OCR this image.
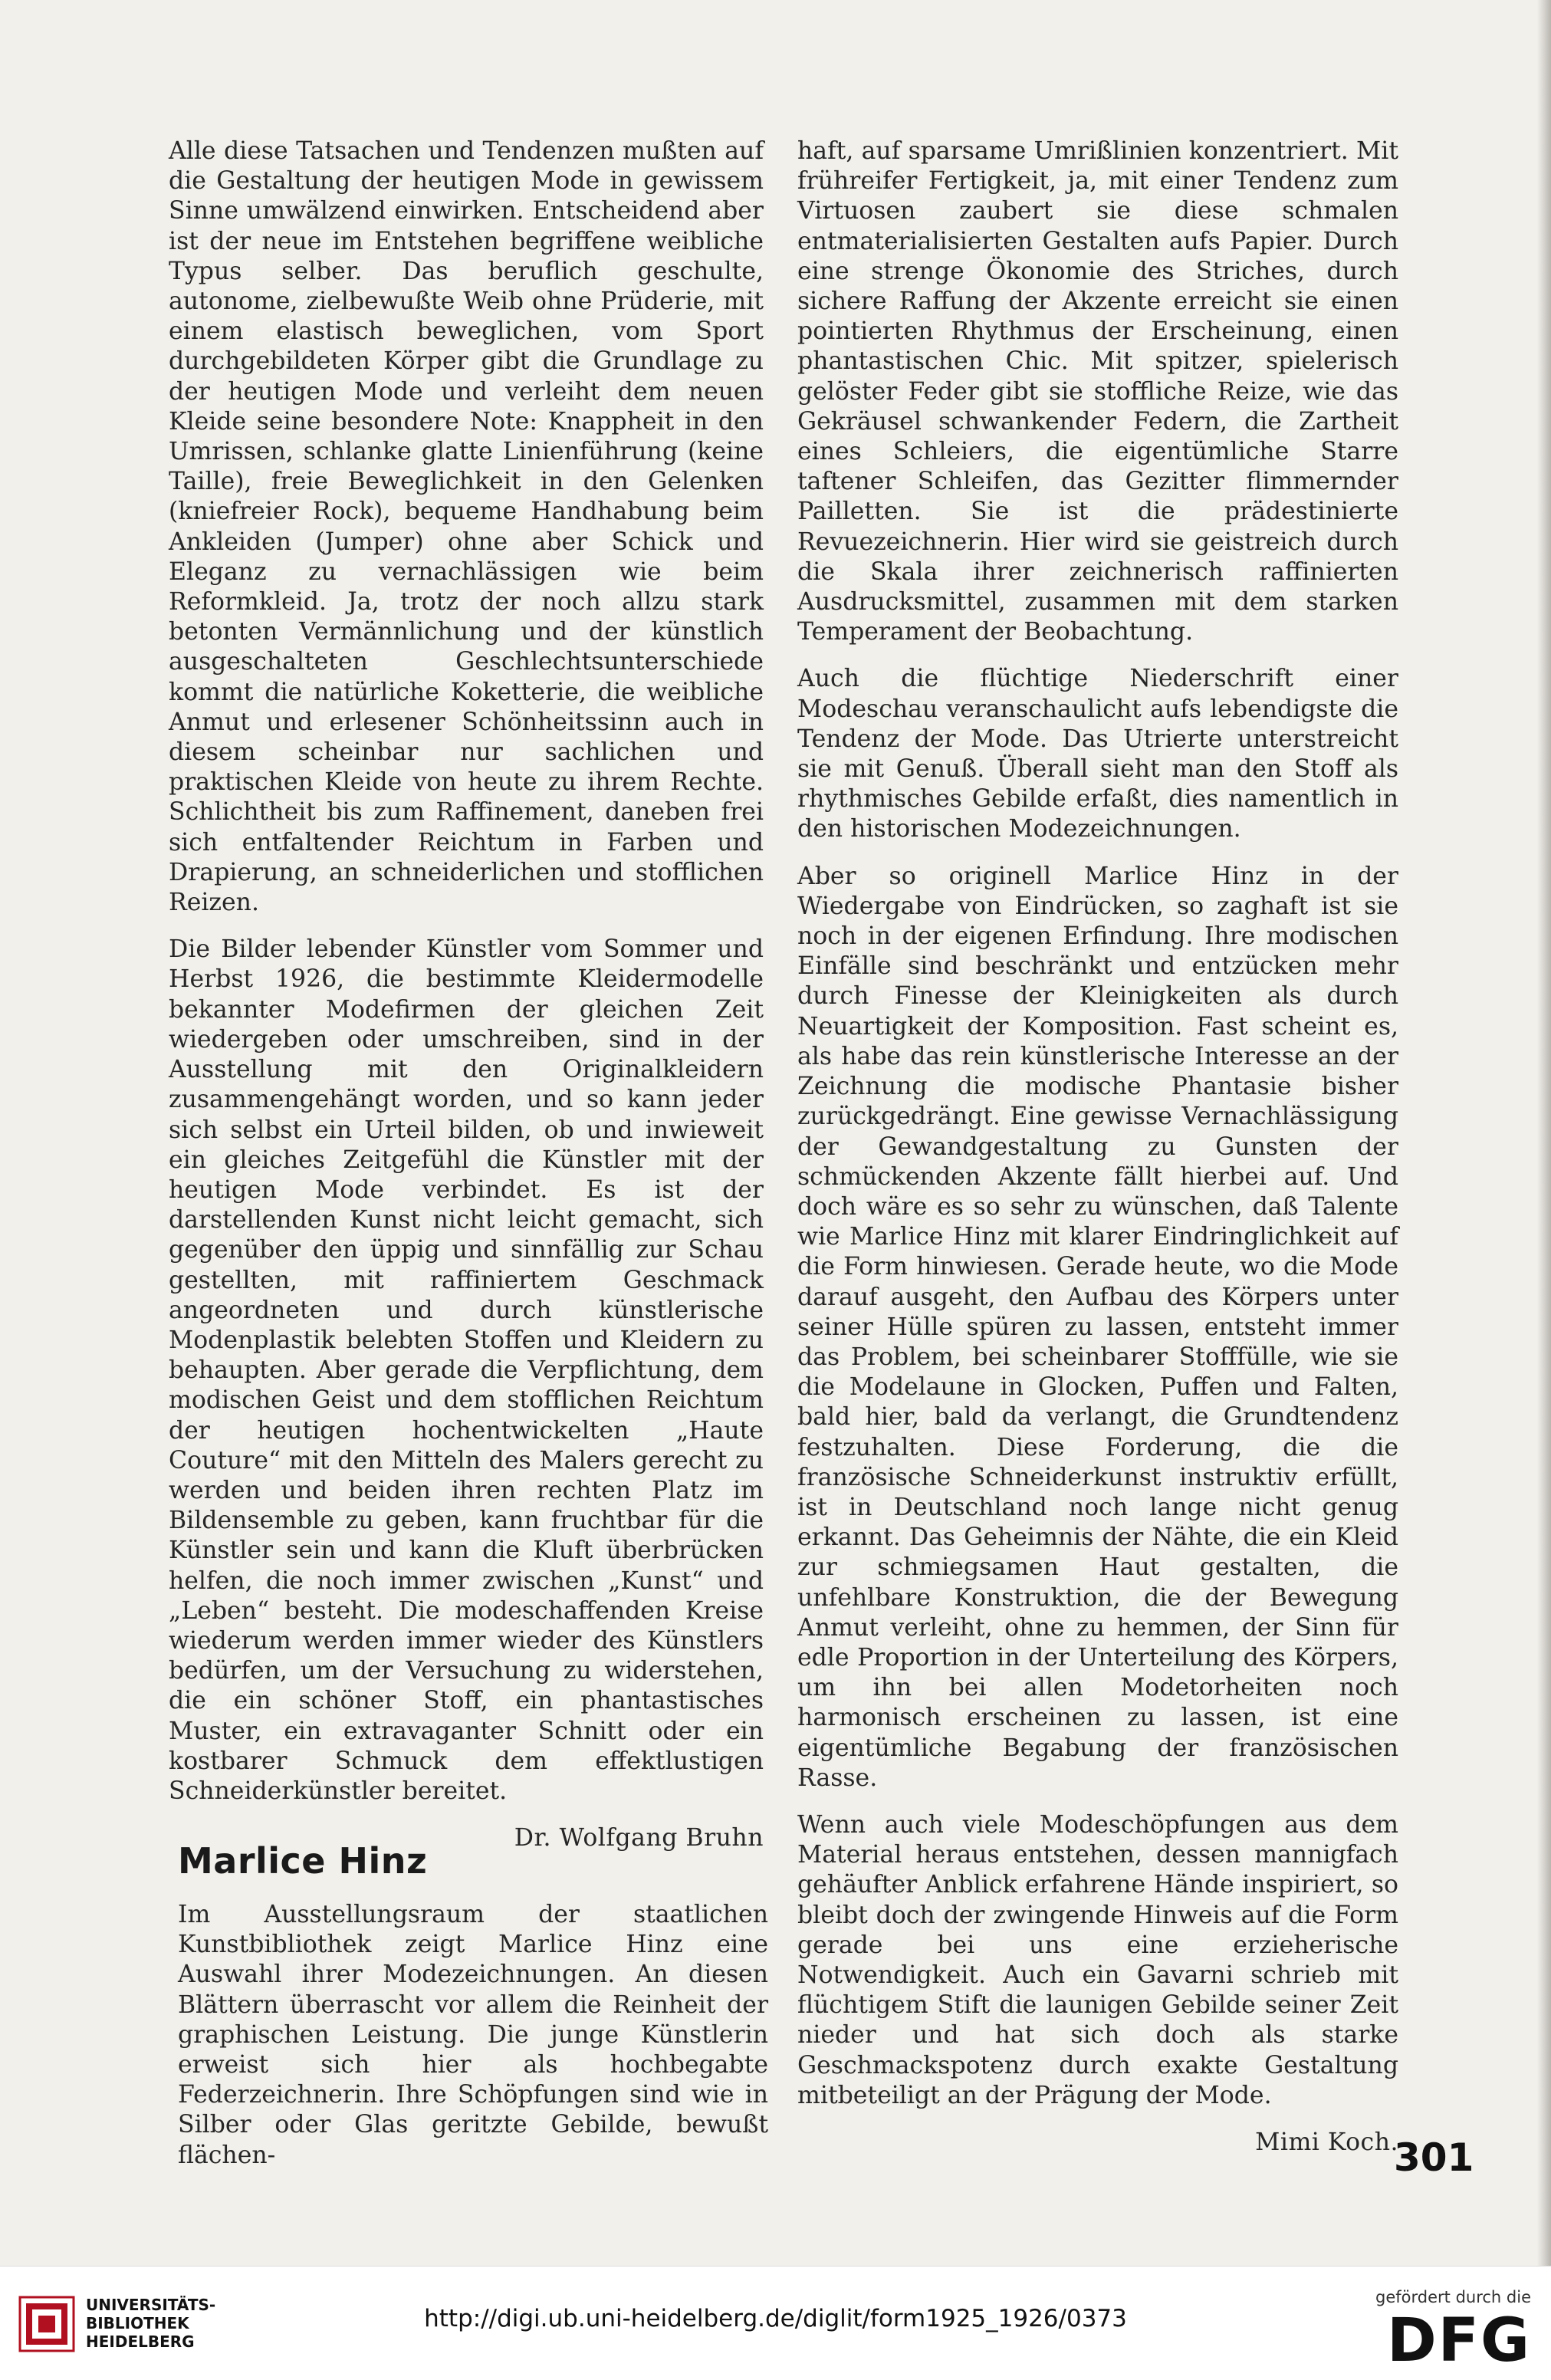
Alle diese Tatsachen und Tendenzen mußten auf die Gestaltung der heutigen Mode in gewissem Sinne umwälzend einwirken. Entscheidend aber ist der neue im Entstehen begriffene weibliche Typus selber. Das beruflich geschulte, autonome, zielbewußte Weib ohne Prüderie, mit einem elastisch beweglichen, vom Sport durchgebildeten Körper gibt die Grundlage zu der heutigen Mode und verleiht dem neuen Kleide seine besondere Note: Knappheit in den Umrissen, schlanke glatte Linienführung (keine Taille), freie Beweglichkeit in den Gelenken (kniefreier Rock), bequeme Handhabung beim Ankleiden (Jumper) ohne aber Schick und Eleganz zu vernachlässigen wie beim Reformkleid. Ja, trotz der noch allzu stark betonten Vermännlichung und der künstlich ausgeschalteten Geschlechtsunterschiede kommt die natürliche Koketterie, die weibliche Anmut und erlesener Schönheitssinn auch in diesem scheinbar nur sachlichen und praktischen Kleide von heute zu ihrem Rechte. Schlichtheit bis zum Raffinement, daneben frei sich entfaltender Reichtum in Farben und Drapierung, an schneiderlichen und stofflichen Reizen.

Die Bilder lebender Künstler vom Sommer und Herbst 1926, die bestimmte Kleidermodelle bekannter Modefirmen der gleichen Zeit wiedergeben oder umschreiben, sind in der Ausstellung mit den Originalkleidern zusammengehängt worden, und so kann jeder sich selbst ein Urteil bilden, ob und inwieweit ein gleiches Zeitgefühl die Künstler mit der heutigen Mode verbindet. Es ist der darstellenden Kunst nicht leicht gemacht, sich gegenüber den üppig und sinnfällig zur Schau gestellten, mit raffiniertem Geschmack angeordneten und durch künstlerische Modenplastik belebten Stoffen und Kleidern zu behaupten. Aber gerade die Verpflichtung, dem modischen Geist und dem stofflichen Reichtum der heutigen hochentwickelten „Haute Couture“ mit den Mitteln des Malers gerecht zu werden und beiden ihren rechten Platz im Bildensemble zu geben, kann fruchtbar für die Künstler sein und kann die Kluft überbrücken helfen, die noch immer zwischen „Kunst“ und „Leben“ besteht. Die modeschaffenden Kreise wiederum werden immer wieder des Künstlers bedürfen, um der Versuchung zu widerstehen, die ein schöner Stoff, ein phantastisches Muster, ein extravaganter Schnitt oder ein kostbarer Schmuck dem effektlustigen Schneiderkünstler bereitet.

Dr. Wolfgang Bruhn

Marlice Hinz

Im Ausstellungsraum der staatlichen Kunstbibliothek zeigt Marlice Hinz eine Auswahl ihrer Modezeichnungen. An diesen Blättern überrascht vor allem die Reinheit der graphischen Leistung. Die junge Künstlerin erweist sich hier als hochbegabte Federzeichnerin. Ihre Schöpfungen sind wie in Silber oder Glas geritzte Gebilde, bewußt flächen-

haft, auf sparsame Umrißlinien konzentriert. Mit frühreifer Fertigkeit, ja, mit einer Tendenz zum Virtuosen zaubert sie diese schmalen entmaterialisierten Gestalten aufs Papier. Durch eine strenge Ökonomie des Striches, durch sichere Raffung der Akzente erreicht sie einen pointierten Rhythmus der Erscheinung, einen phantastischen Chic. Mit spitzer, spielerisch gelöster Feder gibt sie stoffliche Reize, wie das Gekräusel schwankender Federn, die Zartheit eines Schleiers, die eigentümliche Starre taftener Schleifen, das Gezitter flimmernder Pailletten. Sie ist die prädestinierte Revuezeichnerin. Hier wird sie geistreich durch die Skala ihrer zeichnerisch raffinierten Ausdrucksmittel, zusammen mit dem starken Temperament der Beobachtung.

Auch die flüchtige Niederschrift einer Modeschau veranschaulicht aufs lebendigste die Tendenz der Mode. Das Utrierte unterstreicht sie mit Genuß. Überall sieht man den Stoff als rhythmisches Gebilde erfaßt, dies namentlich in den historischen Modezeichnungen.

Aber so originell Marlice Hinz in der Wiedergabe von Eindrücken, so zaghaft ist sie noch in der eigenen Erfindung. Ihre modischen Einfälle sind beschränkt und entzücken mehr durch Finesse der Kleinigkeiten als durch Neuartigkeit der Komposition. Fast scheint es, als habe das rein künstlerische Interesse an der Zeichnung die modische Phantasie bisher zurückgedrängt. Eine gewisse Vernachlässigung der Gewandgestaltung zu Gunsten der schmückenden Akzente fällt hierbei auf. Und doch wäre es so sehr zu wünschen, daß Talente wie Marlice Hinz mit klarer Eindringlichkeit auf die Form hinwiesen. Gerade heute, wo die Mode darauf ausgeht, den Aufbau des Körpers unter seiner Hülle spüren zu lassen, entsteht immer das Problem, bei scheinbarer Stofffülle, wie sie die Modelaune in Glocken, Puffen und Falten, bald hier, bald da verlangt, die Grundtendenz festzuhalten. Diese Forderung, die die französische Schneiderkunst instruktiv erfüllt, ist in Deutschland noch lange nicht genug erkannt. Das Geheimnis der Nähte, die ein Kleid zur schmiegsamen Haut gestalten, die unfehlbare Konstruktion, die der Bewegung Anmut verleiht, ohne zu hemmen, der Sinn für edle Proportion in der Unterteilung des Körpers, um ihn bei allen Modetorheiten noch harmonisch erscheinen zu lassen, ist eine eigentümliche Begabung der französischen Rasse.

Wenn auch viele Modeschöpfungen aus dem Material heraus entstehen, dessen mannigfach gehäufter Anblick erfahrene Hände inspiriert, so bleibt doch der zwingende Hinweis auf die Form gerade bei uns eine erzieherische Notwendigkeit. Auch ein Gavarni schrieb mit flüchtigem Stift die launigen Gebilde seiner Zeit nieder und hat sich doch als starke Geschmackspotenz durch exakte Gestaltung mitbeteiligt an der Prägung der Mode.

Mimi Koch.

301
UNIVERSITÄTS-
BIBLIOTHEK
HEIDELBERG
http://digi.ub.uni-heidelberg.de/diglit/form1925_1926/0373
gefördert durch die
DFG
